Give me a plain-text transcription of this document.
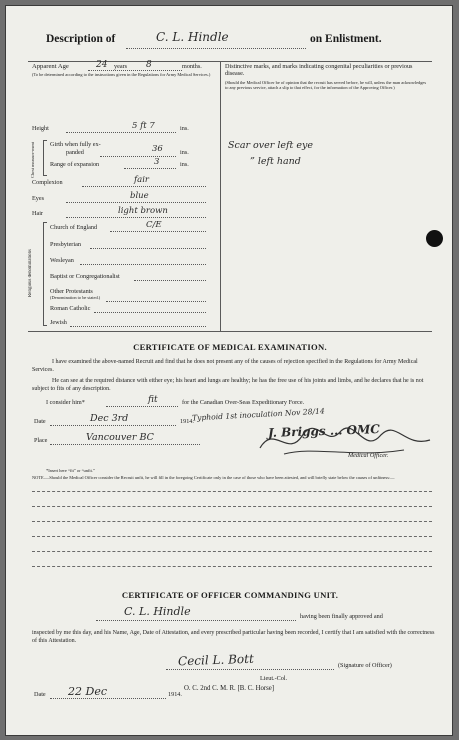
Description of	C. L. Hindle	on Enlistment.
Apparent Age	24 years 8	months.
(To be determined according to the instructions given in the Regulations for Army Medical Services.)
Height	5 ft 7	ins.
Chest measure-ment	Girth when fully ex-
panded	36	ins.
Range of expansion	3	ins.
Complexion	fair
Eyes	blue
Hair	light brown
Religious denominations
Church of England	C/E
Presbyterian
Wesleyan
Baptist or Congregationalist
Other Protestants
(Denomination to be stated.)
Roman Catholic
Jewish
Distinctive marks, and marks indicating congenital peculiarities or previous disease.
(Should the Medical Officer be of opinion that the recruit has served before, he will, unless the man acknowledges to any previous service, attach a slip to that effect, for the information of the Approving Officer.)
Scar over left eye
” left hand
CERTIFICATE OF MEDICAL EXAMINATION.
I have examined the above-named Recruit and find that he does not present any of the causes of rejection specified in the Regulations for Army Medical Services.
He can see at the required distance with either eye; his heart and lungs are healthy; he has the free use of his joints and limbs, and he declares that he is not subject to fits of any description.
I consider him*	fit	for the Canadian Over-Seas Expeditionary Force.
Typhoid 1st inoculation Nov 28/14
Date	Dec 3rd	1914.
Place	Vancouver BC	J. Briggs ... OMC
Medical Officer.
*Insert here “fit” or “unfit.”
NOTE.—Should the Medical Officer consider the Recruit unfit, he will fill in the foregoing Certificate only in the case of those who have been attested, and will briefly state below the causes of unfitness:—
CERTIFICATE OF OFFICER COMMANDING UNIT.
C. L. Hindle	having been finally approved and
inspected by me this day, and his Name, Age, Date of Attestation, and every prescribed particular having been recorded, I certify that I am satisfied with the correctness of this Attestation.
Cecil L. Bott	(Signature of Officer)
Lieut.-Col.
O. C. 2nd C. M. R. [B. C. Horse]
Date 22 Dec	1914.
